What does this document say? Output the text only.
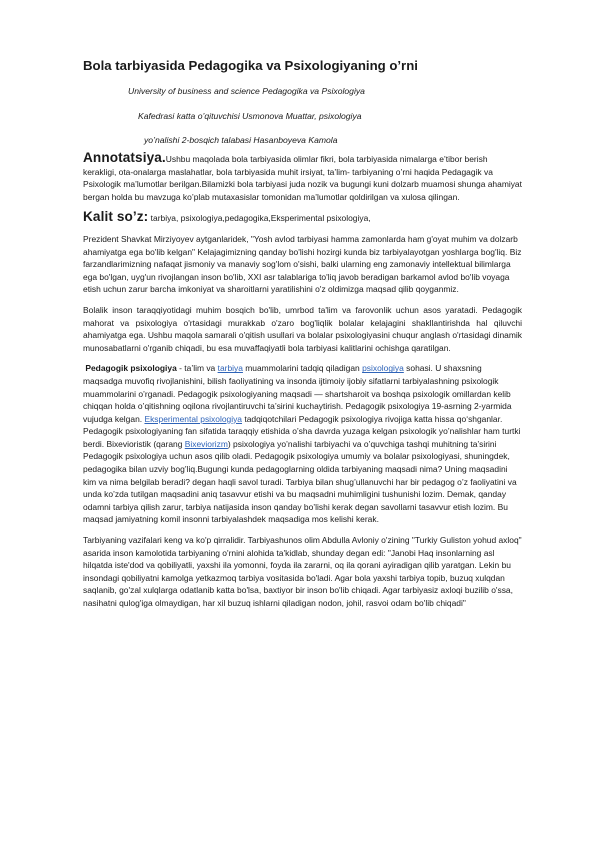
Bola tarbiyasida Pedagogika va Psixologiyaning o’rni

University of business and science Pedagogika va Psixologiya

Kafedrasi katta o’qituvchisi Usmonova Muattar, psixologiya

yo’nalishi 2-bosqich talabasi Hasanboyeva Kamola

Annotatsiya.Ushbu maqolada bola tarbiyasida olimlar fikri, bola tarbiyasida nimalarga e’tibor berish kerakligi, ota-onalarga maslahatlar, bola tarbiyasida muhit irsiyat, ta’lim- tarbiyaning o’rni haqida Pedagagik va Psixologik ma’lumotlar berilgan.Bilamizki bola tarbiyasi juda nozik va bugungi kuni dolzarb muamosi shunga ahamiyat bergan holda bu mavzuga ko’plab mutaxasislar tomonidan ma’lumotlar qoldirilgan va xulosa qilingan.

Kalit so’z: tarbiya, psixologiya,pedagogika,Eksperimental psixologiya,

Prezident Shavkat Mirziyoyev aytganlaridek, "Yosh avlod tarbiyasi hamma zamonlarda ham g'oyat muhim va dolzarb ahamiyatga ega bo'lib kelgan" Kelajagimizning qanday bo'lishi hozirgi kunda biz tarbiyalayotgan yoshlarga bog'liq. Biz farzandlarimizning nafaqat jismoniy va manaviy sog'lom o'sishi, balki ularning eng zamonaviy intellektual bilimlarga ega bo'lgan, uyg'un rivojlangan inson bo'lib, XXI asr talablariga to'liq javob beradigan barkamol avlod bo'lib voyaga etish uchun zarur barcha imkoniyat va sharoitlarni yaratilishini o'z oldimizga maqsad qilib qoyganmiz.

Bolalik inson taraqqiyotidagi muhim bosqich bo'lib, umrbod ta'lim va farovonlik uchun asos yaratadi. Pedagogik mahorat va psixologiya o'rtasidagi murakkab o'zaro bog'liqlik bolalar kelajagini shakllantirishda hal qiluvchi ahamiyatga ega. Ushbu maqola samarali o'qitish usullari va bolalar psixologiyasini chuqur anglash o'rtasidagi dinamik munosabatlarni o'rganib chiqadi, bu esa muvaffaqiyatli bola tarbiyasi kalitlarini ochishga qaratilgan.

Pedagogik psixologiya - ta’lim va tarbiya muammolarini tadqiq qiladigan psixologiya sohasi. U shaxsning maqsadga muvofiq rivojlanishini, bilish faoliyatining va insonda ijtimoiy ijobiy sifatlarni tarbiyalashning psixologik muammolarini o’rganadi. Pedagogik psixologiyaning maqsadi — shartsharoit va boshqa psixologik omillardan kelib chiqqan holda o’qitishning oqilona rivojlantiruvchi ta’sirini kuchaytirish. Pedagogik psixologiya 19-asrning 2-yarmida vujudga kelgan. Eksperimental psixologiya tadqiqotchilari Pedagogik psixologiya rivojiga katta hissa qo‘shganlar. Pedagogik psixologiyaning fan sifatida taraqqiy etishida o’sha davrda yuzaga kelgan psixologik yo’nalishlar ham turtki berdi. Bixevioristik (qarang Bixeviorizm) psixologiya yo’nalishi tarbiyachi va o’quvchiga tashqi muhitning ta’sirini Pedagogik psixologiya uchun asos qilib oladi. Pedagogik psixologiya umumiy va bolalar psixologiyasi, shuningdek, pedagogika bilan uzviy bog’liq.Bugungi kunda pedagoglarning oldida tarbiyaning maqsadi nima? Uning maqsadini kim va nima belgilab beradi? degan haqli savol turadi. Tarbiya bilan shug’ullanuvchi har bir pedagog o’z faoliyatini va unda ko’zda tutilgan maqsadini aniq tasavvur etishi va bu maqsadni muhimligini tushunishi lozim. Demak, qanday odamni tarbiya qilish zarur, tarbiya natijasida inson qanday bo’lishi kerak degan savollarni tasavvur etish lozim. Bu maqsad jamiyatning komil insonni tarbiyalashdek maqsadiga mos kelishi kerak.

Tarbiyaning vazifalari keng va ko'p qirralidir. Tarbiyashunos olim Abdulla Avloniy o'zining "Turkiy Guliston yohud axloq" asarida inson kamolotida tarbiyaning o'rnini alohida ta'kidlab, shunday degan edi: "Janobi Haq insonlarning asl hilqatda iste'dod va qobiliyatli, yaxshi ila yomonni, foyda ila zararni, oq ila qorani ayiradigan qilib yaratgan. Lekin bu insondagi qobiliyatni kamolga yetkazmoq tarbiya vositasida bo'ladi. Agar bola yaxshi tarbiya topib, buzuq xulqdan saqlanib, go'zal xulqlarga odatlanib katta bo'lsa, baxtiyor bir inson bo'lib chiqadi. Agar tarbiyasiz axloqi buzilib o'ssa, nasihatni qulog'iga olmaydigan, har xil buzuq ishlarni qiladigan nodon, johil, rasvoi odam bo'lib chiqadi"
